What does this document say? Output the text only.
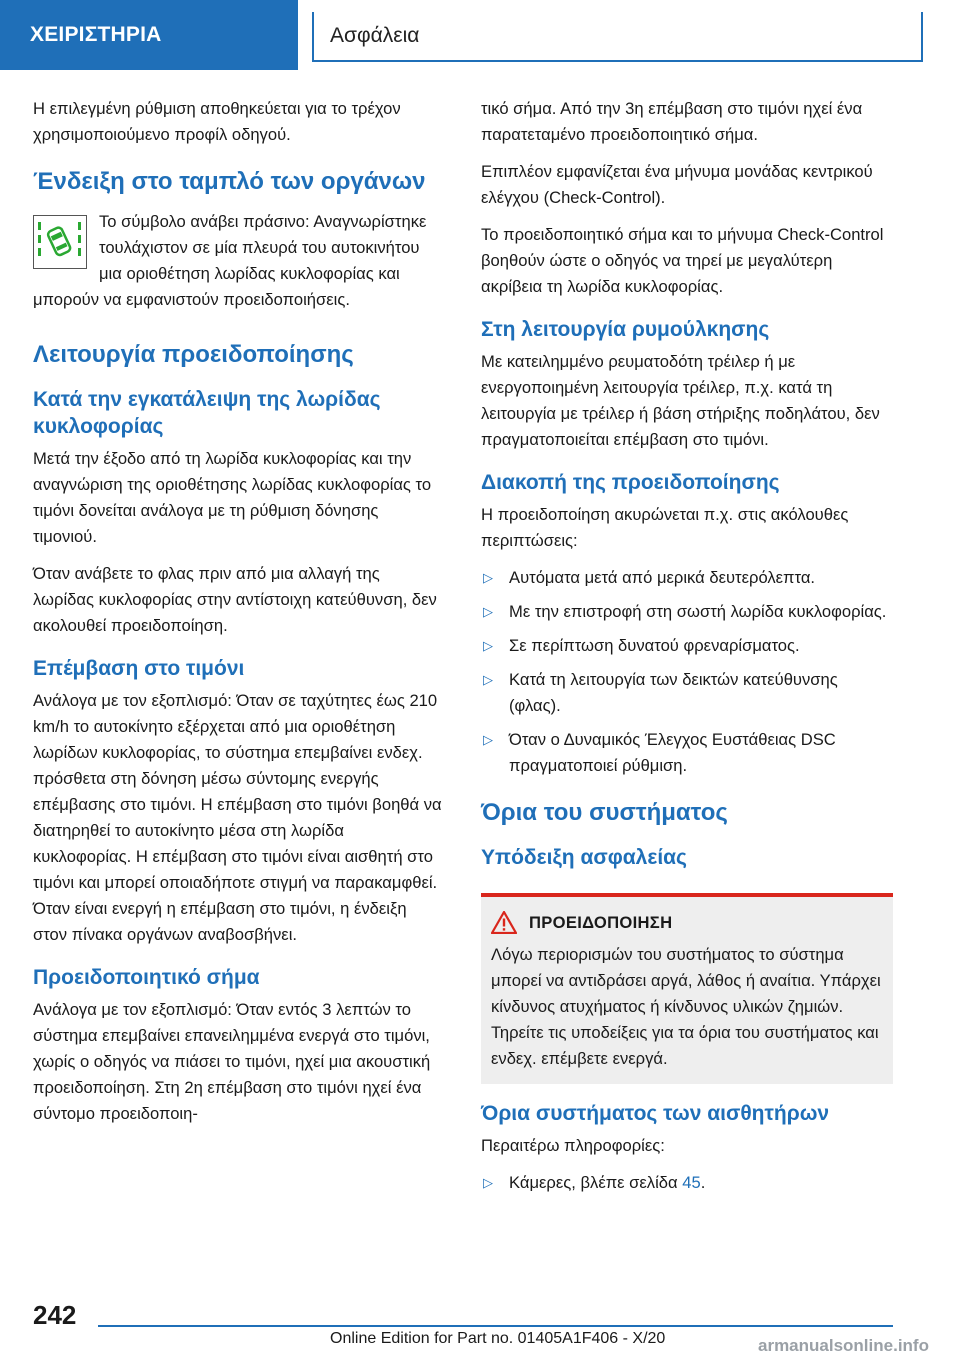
ΧΕΙΡΙΣΤΗΡΙΑ	Ασφάλεια

Η επιλεγμένη ρύθμιση αποθηκεύεται για το τρέχον χρησιμοποιούμενο προφίλ οδηγού.

Ένδειξη στο ταμπλό των οργάνων

Το σύμβολο ανάβει πράσινο: Αναγνωρίστηκε τουλάχιστον σε μία πλευρά του αυτοκινήτου μια οριοθέτηση λωρίδας κυκλοφορίας και μπορούν να εμφανιστούν προειδοποιήσεις.

Λειτουργία προειδοποίησης
Κατά την εγκατάλειψη της λωρίδας κυκλοφορίας

Μετά την έξοδο από τη λωρίδα κυκλοφορίας και την αναγνώριση της οριοθέτησης λωρίδας κυκλοφορίας το τιμόνι δονείται ανάλογα με τη ρύθμιση δόνησης τιμονιού.

Όταν ανάβετε το φλας πριν από μια αλλαγή της λωρίδας κυκλοφορίας στην αντίστοιχη κατεύθυνση, δεν ακολουθεί προειδοποίηση.

Επέμβαση στο τιμόνι

Ανάλογα με τον εξοπλισμό: Όταν σε ταχύτητες έως 210 km/h το αυτοκίνητο εξέρχεται από μια οριοθέτηση λωρίδων κυκλοφορίας, το σύστημα επεμβαίνει ενδεχ. πρόσθετα στη δόνηση μέσω σύντομης ενεργής επέμβασης στο τιμόνι. Η επέμβαση στο τιμόνι βοηθά να διατηρηθεί το αυτοκίνητο μέσα στη λωρίδα κυκλοφορίας. Η επέμβαση στο τιμόνι είναι αισθητή στο τιμόνι και μπορεί οποιαδήποτε στιγμή να παρακαμφθεί. Όταν είναι ενεργή η επέμβαση στο τιμόνι, η ένδειξη στον πίνακα οργάνων αναβοσβήνει.

Προειδοποιητικό σήμα

Ανάλογα με τον εξοπλισμό: Όταν εντός 3 λεπτών το σύστημα επεμβαίνει επανειλημμένα ενεργά στο τιμόνι, χωρίς ο οδηγός να πιάσει το τιμόνι, ηχεί μια ακουστική προειδοποίηση. Στη 2η επέμβαση στο τιμόνι ηχεί ένα σύντομο προειδοποιη-

τικό σήμα. Από την 3η επέμβαση στο τιμόνι ηχεί ένα παρατεταμένο προειδοποιητικό σήμα.

Επιπλέον εμφανίζεται ένα μήνυμα μονάδας κεντρικού ελέγχου (Check-Control).

Το προειδοποιητικό σήμα και το μήνυμα Check-Control βοηθούν ώστε ο οδηγός να τηρεί με μεγαλύτερη ακρίβεια τη λωρίδα κυκλοφορίας.

Στη λειτουργία ρυμούλκησης

Με κατειλημμένο ρευματοδότη τρέιλερ ή με ενεργοποιημένη λειτουργία τρέιλερ, π.χ. κατά τη λειτουργία με τρέιλερ ή βάση στήριξης ποδηλάτου, δεν πραγματοποιείται επέμβαση στο τιμόνι.

Διακοπή της προειδοποίησης

Η προειδοποίηση ακυρώνεται π.χ. στις ακόλουθες περιπτώσεις:

▷ Αυτόματα μετά από μερικά δευτερόλεπτα.
▷ Με την επιστροφή στη σωστή λωρίδα κυκλοφορίας.
▷ Σε περίπτωση δυνατού φρεναρίσματος.
▷ Κατά τη λειτουργία των δεικτών κατεύθυνσης (φλας).
▷ Όταν ο Δυναμικός Έλεγχος Ευστάθειας DSC πραγματοποιεί ρύθμιση.
Όρια του συστήματος
Υπόδειξη ασφαλείας
ΠΡΟΕΙΔΟΠΟΙΗΣΗ

Λόγω περιορισμών του συστήματος το σύστημα μπορεί να αντιδράσει αργά, λάθος ή αναίτια. Υπάρχει κίνδυνος ατυχήματος ή κίνδυνος υλικών ζημιών. Τηρείτε τις υποδείξεις για τα όρια του συστήματος και ενδεχ. επέμβετε ενεργά.

Όρια συστήματος των αισθητήρων

Περαιτέρω πληροφορίες:

▷ Κάμερες, βλέπε σελίδα 45.
242
Online Edition for Part no. 01405A1F406 - X/20	armanualsonline.info
